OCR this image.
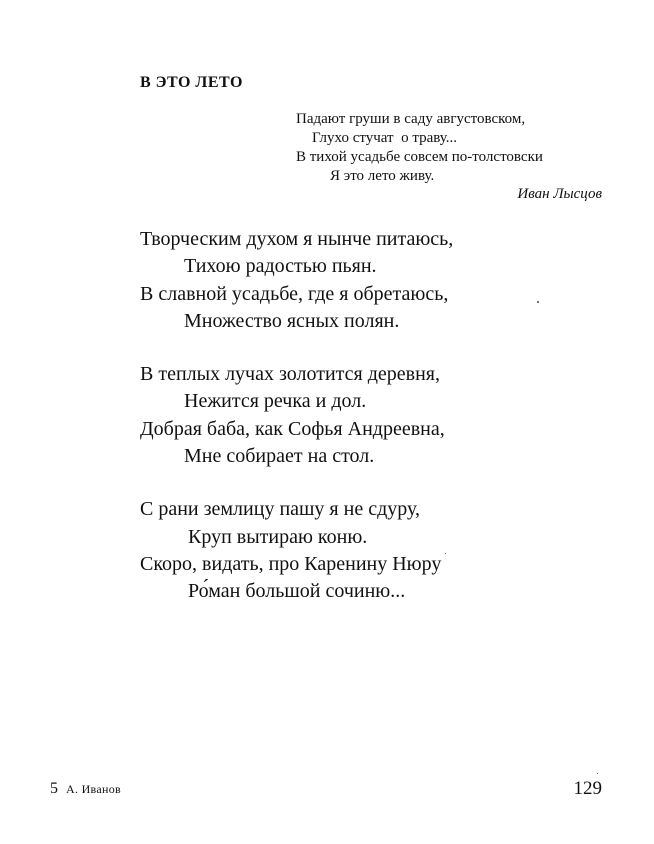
В ЭТО ЛЕТО
Падают груши в саду августовском,
Глухо стучат  о траву...
В тихой усадьбе совсем по-толстовски
Я это лето живу.
Иван Лысцов
Творческим духом я нынче питаюсь,
Тихою радостью пьян.
В славной усадьбе, где я обретаюсь,
Множество ясных полян.
В теплых лучах золотится деревня,
Нежится речка и дол.
Добрая баба, как Софья Андреевна,
Мне собирает на стол.
С рани землицу пашу я не сдуру,
Круп вытираю коню.
Скоро, видать, про Каренину Нюру
Ро́ман большой сочиню...
5 А. Иванов	129
